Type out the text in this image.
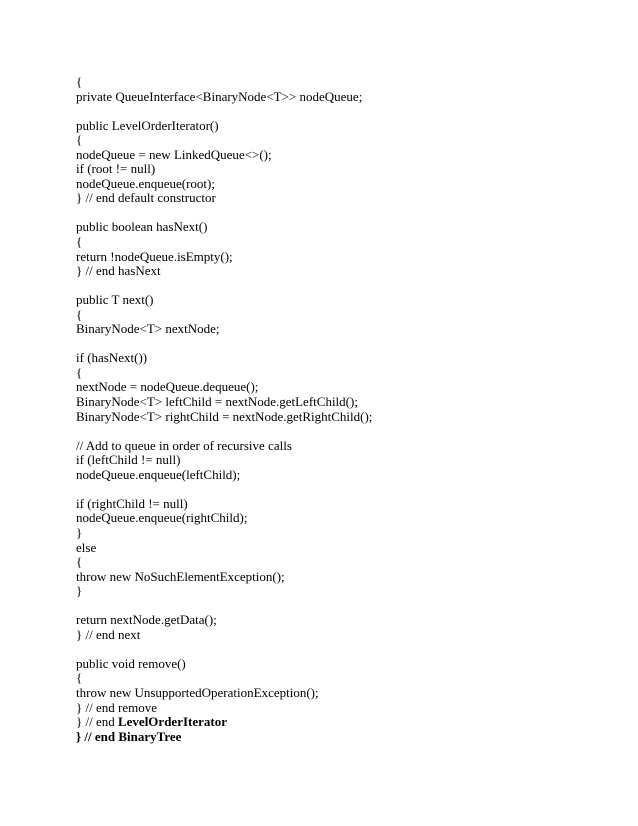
{
private QueueInterface<BinaryNode<T>> nodeQueue;
public LevelOrderIterator()
{
nodeQueue = new LinkedQueue<>();
if (root != null)
nodeQueue.enqueue(root);
} // end default constructor
public boolean hasNext()
{
return !nodeQueue.isEmpty();
} // end hasNext
public T next()
{
BinaryNode<T> nextNode;
if (hasNext())
{
nextNode = nodeQueue.dequeue();
BinaryNode<T> leftChild = nextNode.getLeftChild();
BinaryNode<T> rightChild = nextNode.getRightChild();
// Add to queue in order of recursive calls
if (leftChild != null)
nodeQueue.enqueue(leftChild);
if (rightChild != null)
nodeQueue.enqueue(rightChild);
}
else
{
throw new NoSuchElementException();
}
return nextNode.getData();
} // end next
public void remove()
{
throw new UnsupportedOperationException();
} // end remove
} // end LevelOrderIterator
} // end BinaryTree
